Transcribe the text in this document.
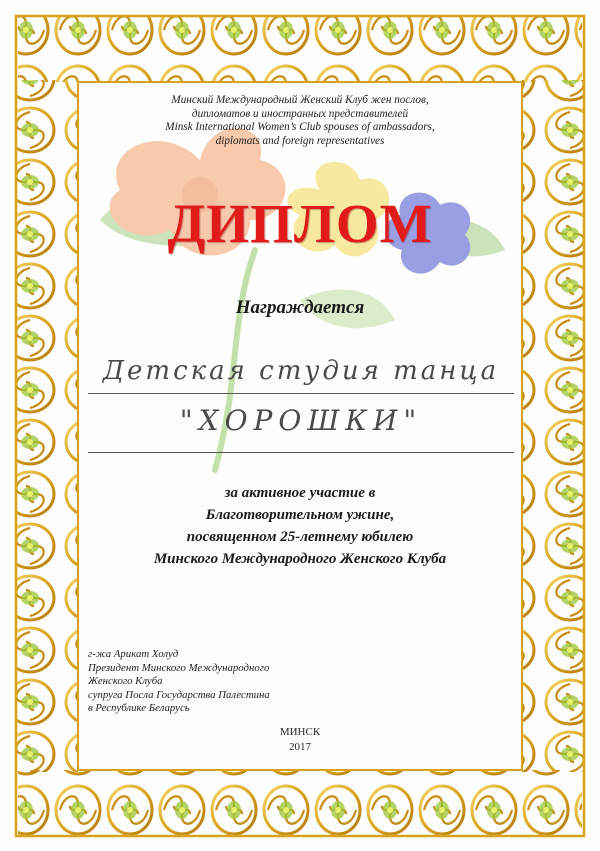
Минский Международный Женский Клуб жен послов,
дипломатов и иностранных представителей
Minsk International Women’s Club spouses of ambassadors,
diplomats and foreign representatives
ДИПЛОМ
Награждается
Детская студия танца
"ХОРОШКИ"
за активное участие в
Благотворительном ужине,
посвященном 25-летнему юбилею
Минского Международного Женского Клуба
г-жа Арикат Холуд
Президент Минского Международного
Женского Клуба
супруга Посла Государства Палестина
в Республике Беларусь
МИНСК
2017
